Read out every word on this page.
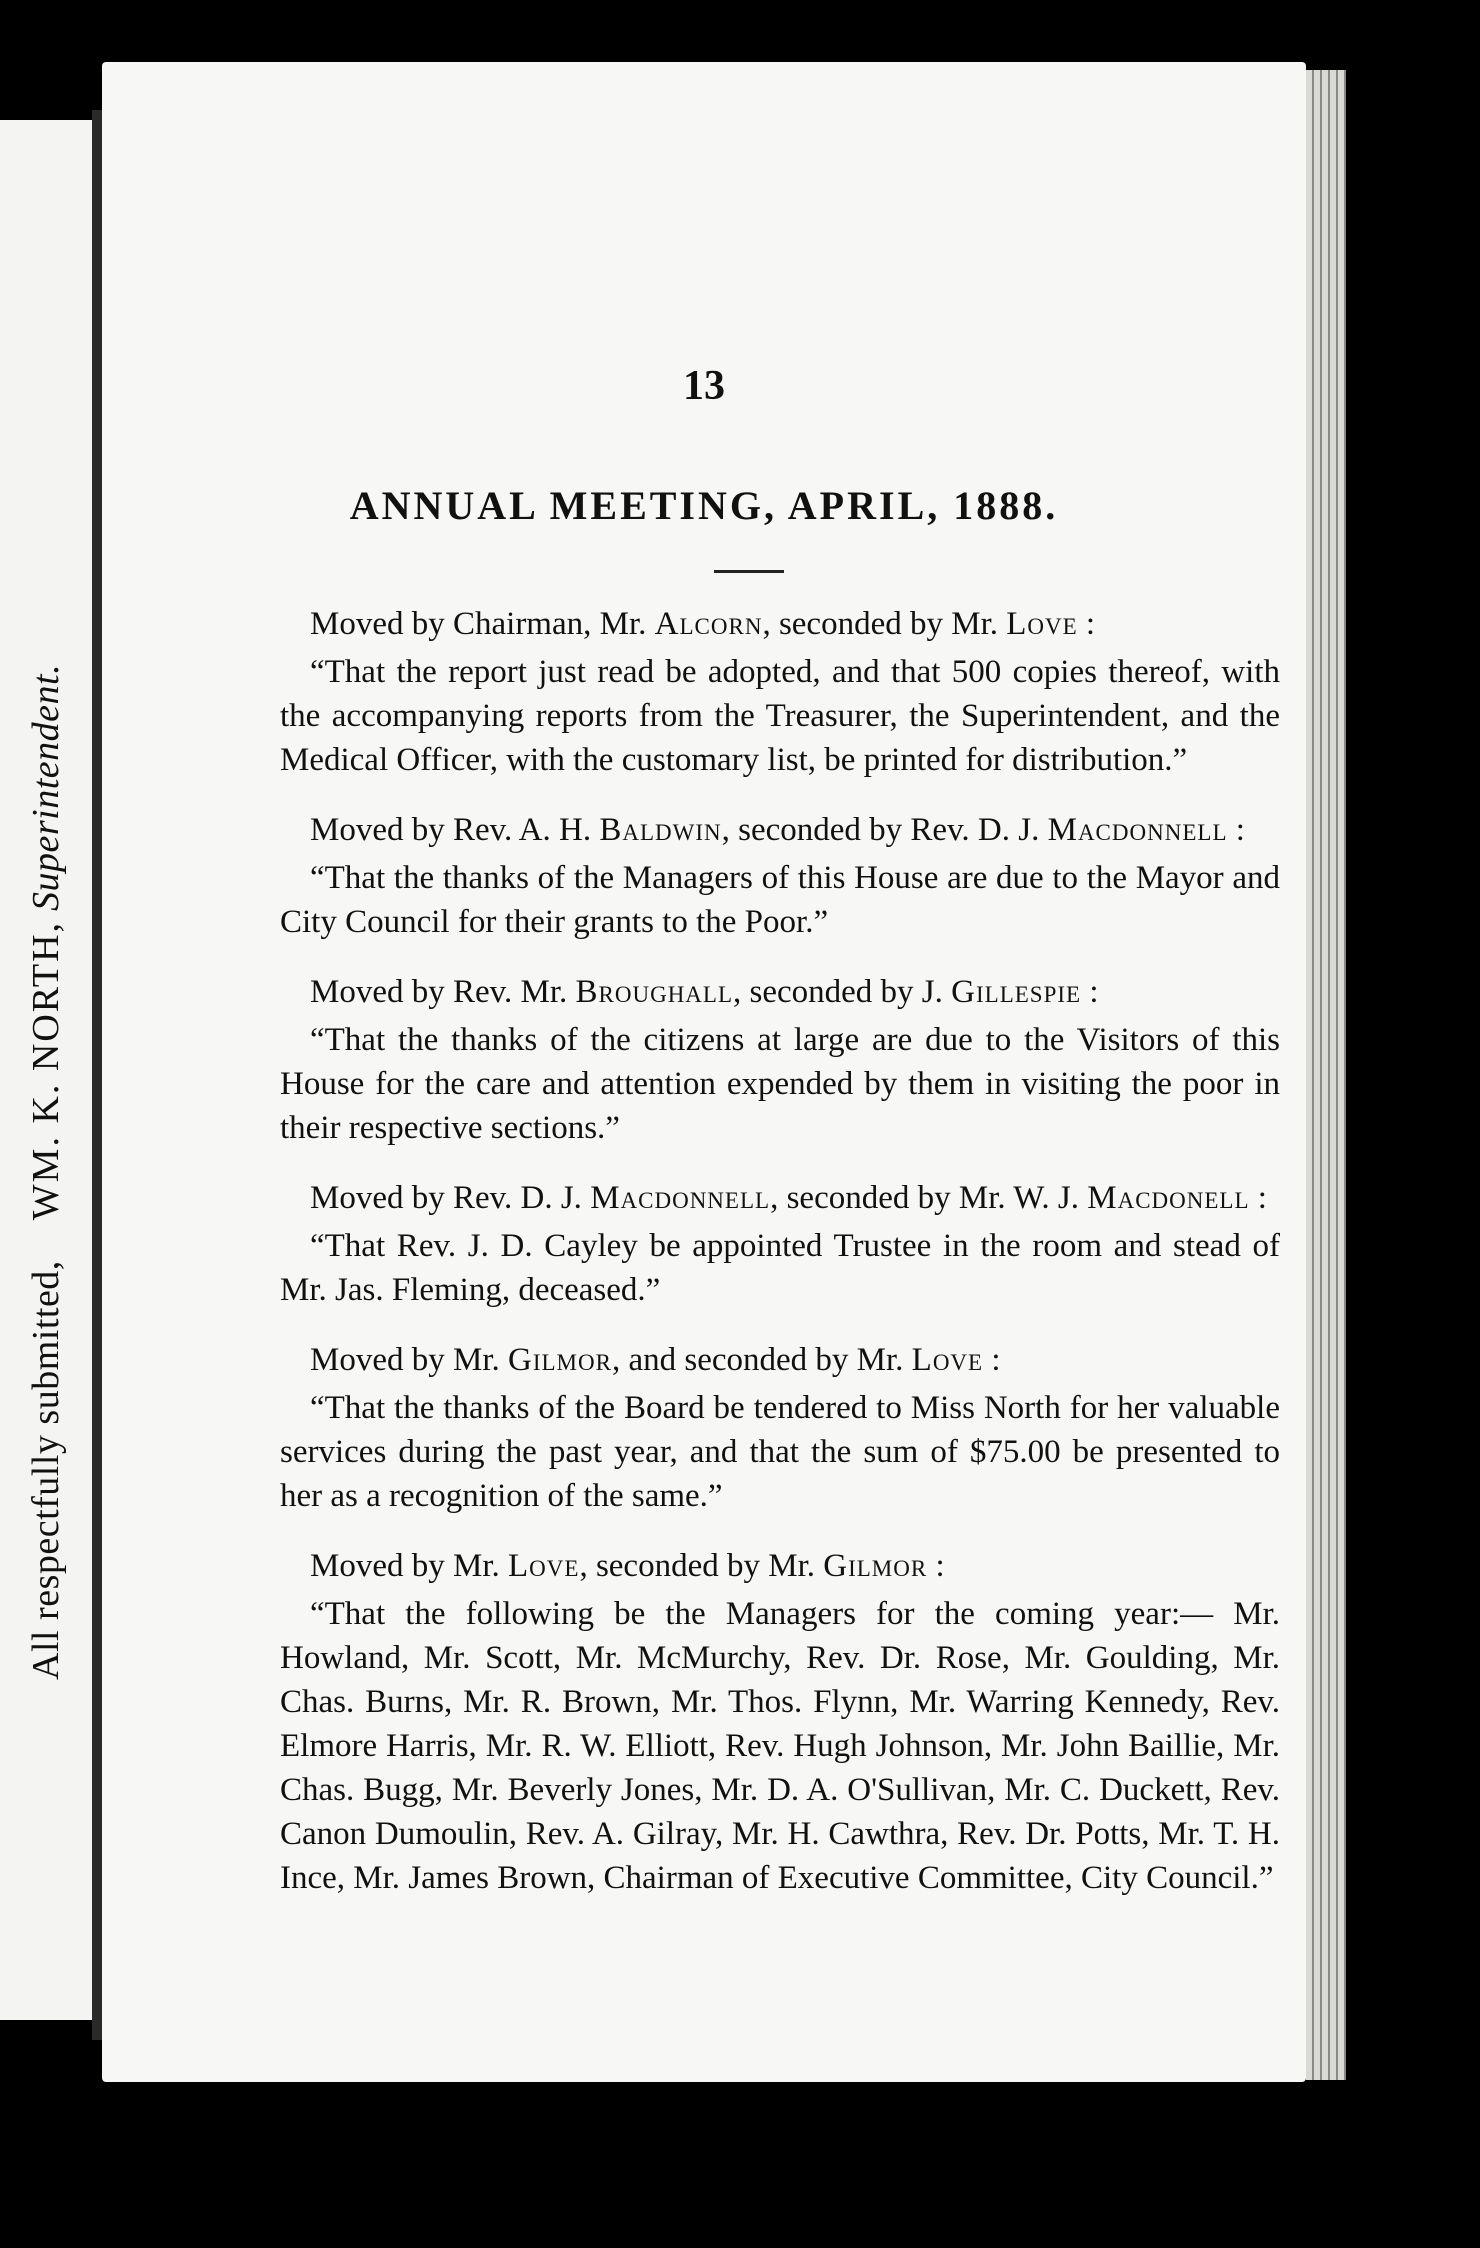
All respectfully submitted,    WM. K. NORTH, Superintendent.
13
ANNUAL MEETING, APRIL, 1888.

Moved by Chairman, Mr. Alcorn, seconded by Mr. Love :

“That the report just read be adopted, and that 500 copies thereof, with the accompanying reports from the Treasurer, the Superintendent, and the Medical Officer, with the customary list, be printed for distribution.”

Moved by Rev. A. H. Baldwin, seconded by Rev. D. J. Macdonnell :

“That the thanks of the Managers of this House are due to the Mayor and City Council for their grants to the Poor.”

Moved by Rev. Mr. Broughall, seconded by J. Gillespie :

“That the thanks of the citizens at large are due to the Visitors of this House for the care and attention expended by them in visiting the poor in their respective sections.”

Moved by Rev. D. J. Macdonnell, seconded by Mr. W. J. Macdonell :

“That Rev. J. D. Cayley be appointed Trustee in the room and stead of Mr. Jas. Fleming, deceased.”

Moved by Mr. Gilmor, and seconded by Mr. Love :

“That the thanks of the Board be tendered to Miss North for her valuable services during the past year, and that the sum of $75.00 be presented to her as a recognition of the same.”

Moved by Mr. Love, seconded by Mr. Gilmor :

“That the following be the Managers for the coming year:— Mr. Howland, Mr. Scott, Mr. McMurchy, Rev. Dr. Rose, Mr. Goulding, Mr. Chas. Burns, Mr. R. Brown, Mr. Thos. Flynn, Mr. Warring Kennedy, Rev. Elmore Harris, Mr. R. W. Elliott, Rev. Hugh Johnson, Mr. John Baillie, Mr. Chas. Bugg, Mr. Beverly Jones, Mr. D. A. O'Sullivan, Mr. C. Duckett, Rev. Canon Dumoulin, Rev. A. Gilray, Mr. H. Cawthra, Rev. Dr. Potts, Mr. T. H. Ince, Mr. James Brown, Chairman of Executive Committee, City Council.”
